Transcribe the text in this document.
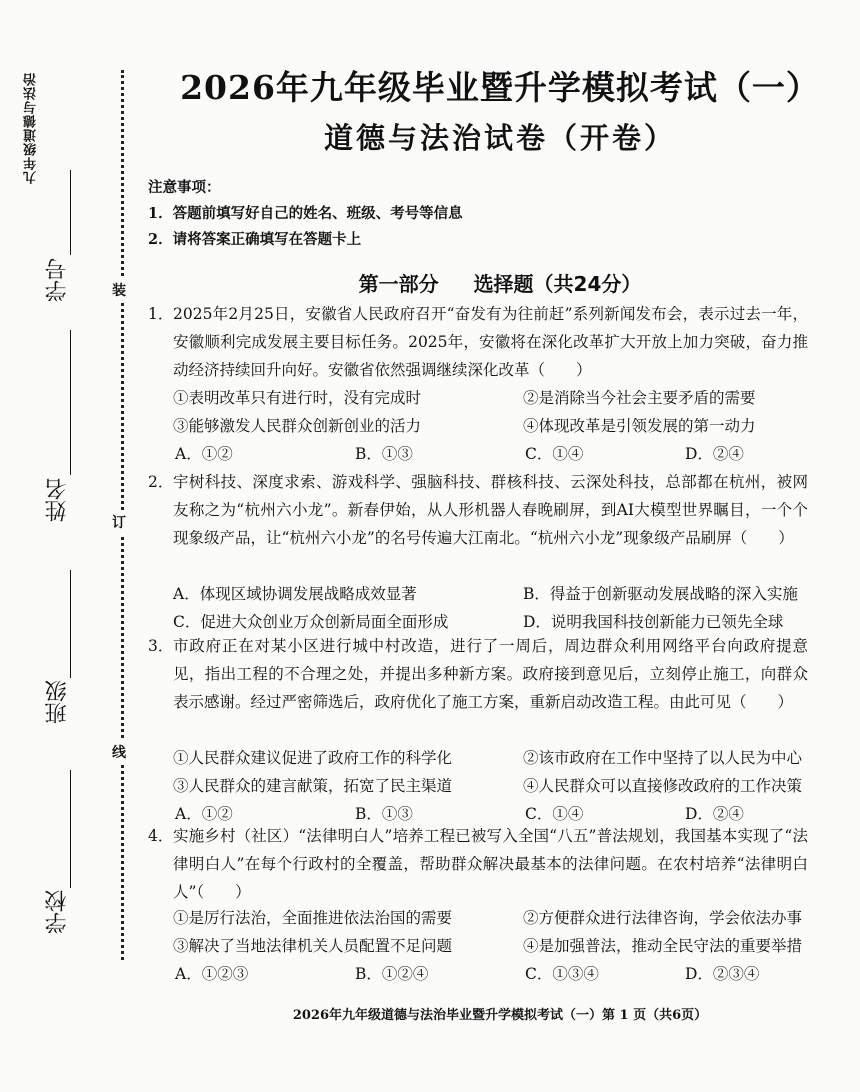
九年级道德与法治
学号
姓名
班级
学校
装
订
线
2026年九年级毕业暨升学模拟考试（一）
道德与法治试卷（开卷）
注意事项：
1．答题前填写好自己的姓名、班级、考号等信息
2．请将答案正确填写在答题卡上
第一部分 选择题（共24分）
1． 2025年2月25日，安徽省人民政府召开“奋发有为往前赶”系列新闻发布会，表示过去一年，安徽顺利完成发展主要目标任务。2025年，安徽将在深化改革扩大开放上加力突破，奋力推动经济持续回升向好。安徽省依然强调继续深化改革（　　）
①表明改革只有进行时，没有完成时	②是消除当今社会主要矛盾的需要
③能够激发人民群众创新创业的活力	④体现改革是引领发展的第一动力
A．①②	B．①③	C．①④	D．②④
2． 宇树科技、深度求索、游戏科学、强脑科技、群核科技、云深处科技，总部都在杭州，被网友称之为“杭州六小龙”。新春伊始，从人形机器人春晚刷屏，到AI大模型世界瞩目，一个个现象级产品，让“杭州六小龙”的名号传遍大江南北。“杭州六小龙”现象级产品刷屏（　　）
A．体现区域协调发展战略成效显著	B．得益于创新驱动发展战略的深入实施
C．促进大众创业万众创新局面全面形成	D．说明我国科技创新能力已领先全球
3． 市政府正在对某小区进行城中村改造，进行了一周后，周边群众利用网络平台向政府提意见，指出工程的不合理之处，并提出多种新方案。政府接到意见后，立刻停止施工，向群众表示感谢。经过严密筛选后，政府优化了施工方案，重新启动改造工程。由此可见（　　）
①人民群众建议促进了政府工作的科学化	②该市政府在工作中坚持了以人民为中心
③人民群众的建言献策，拓宽了民主渠道	④人民群众可以直接修改政府的工作决策
A．①②	B．①③	C．①④	D．②④
4． 实施乡村（社区）“法律明白人”培养工程已被写入全国“八五”普法规划，我国基本实现了“法律明白人”在每个行政村的全覆盖，帮助群众解决最基本的法律问题。在农村培养“法律明白人”（　　）
①是厉行法治，全面推进依法治国的需要	②方便群众进行法律咨询，学会依法办事
③解决了当地法律机关人员配置不足问题	④是加强普法，推动全民守法的重要举措
A．①②③	B．①②④	C．①③④	D．②③④
2026年九年级道德与法治毕业暨升学模拟考试（一）第 1 页（共6页）
